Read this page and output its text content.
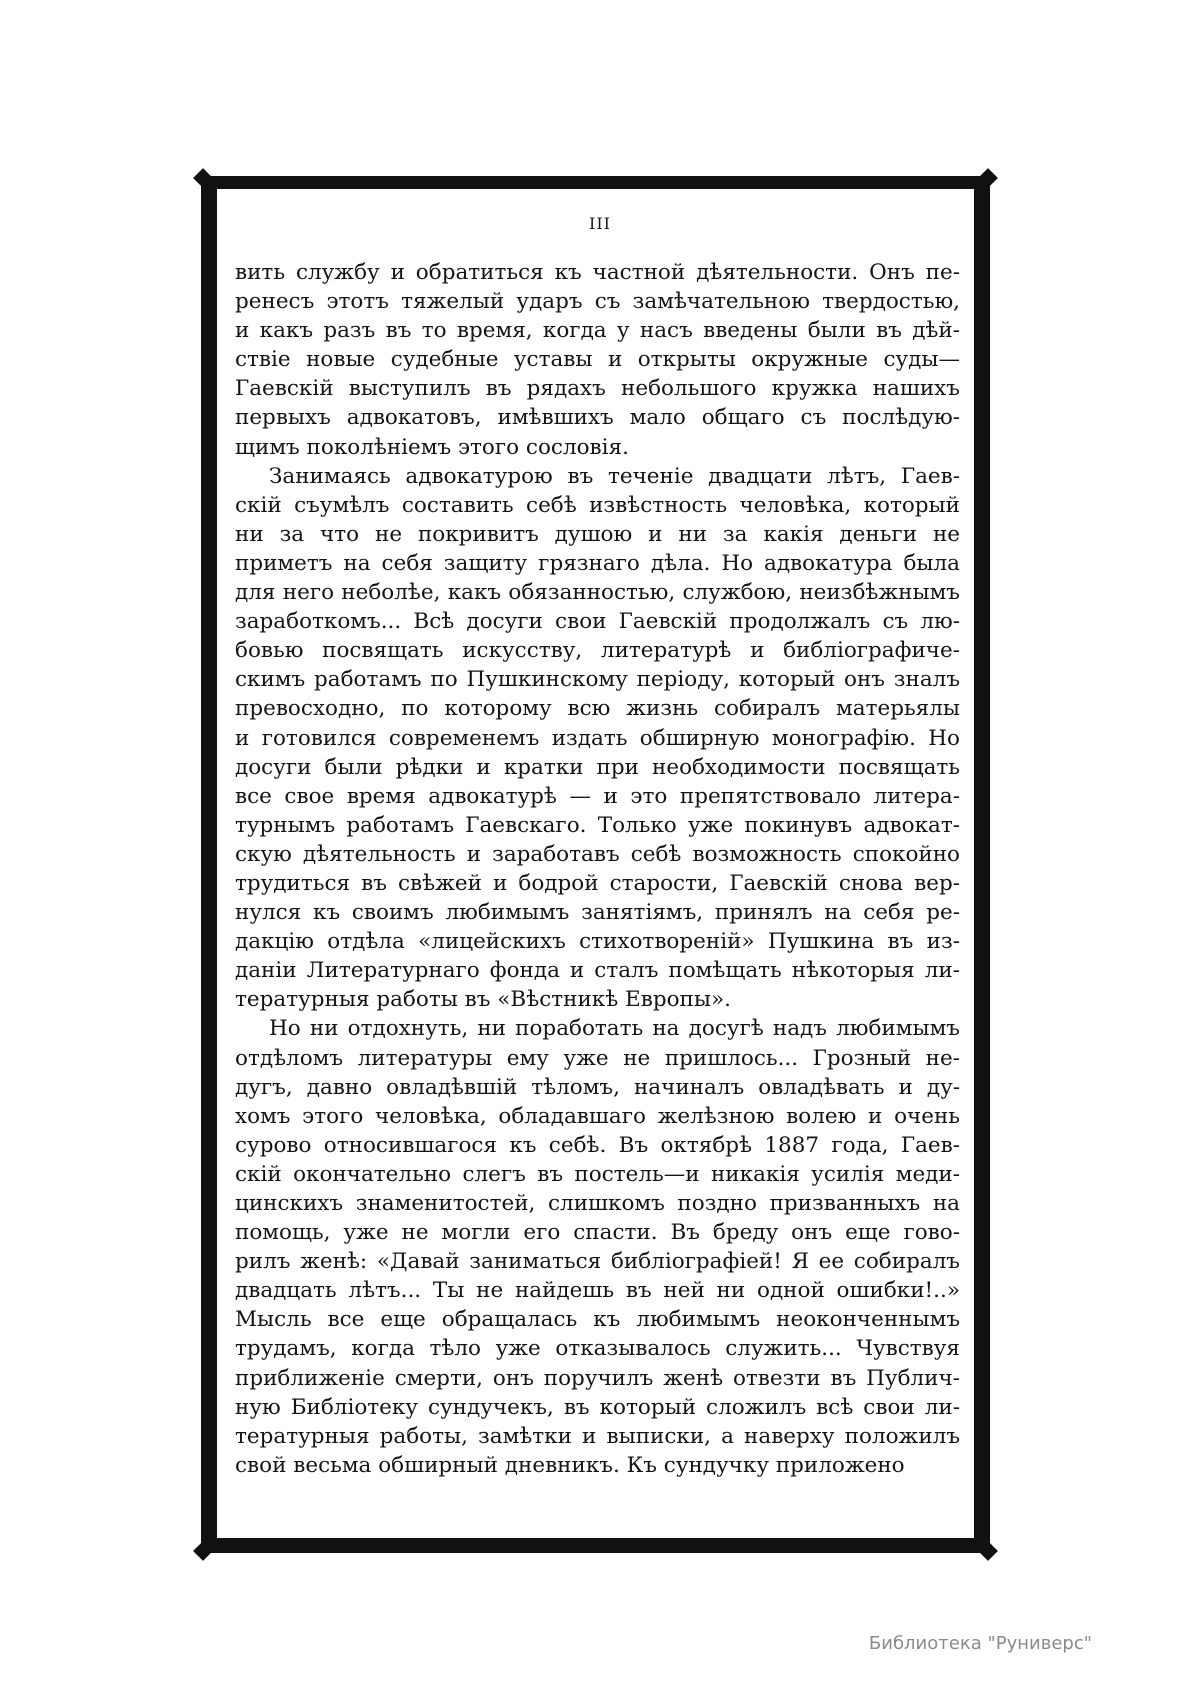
III
вить службу и обратиться къ частной дѣятельности. Онъ пе-
ренесъ этотъ тяжелый ударъ съ замѣчательною твердостью,
и какъ разъ въ то время, когда у насъ введены были въ дѣй-
ствіе новые судебные уставы и открыты окружные суды—
Гаевскій выступилъ въ рядахъ небольшого кружка нашихъ
первыхъ адвокатовъ, имѣвшихъ мало общаго съ послѣдую-
щимъ поколѣніемъ этого сословія.
Занимаясь адвокатурою въ теченіе двадцати лѣтъ, Гаев-
скій съумѣлъ составить себѣ извѣстность человѣка, который
ни за что не покривитъ душою и ни за какія деньги не
приметъ на себя защиту грязнаго дѣла. Но адвокатура была
для него неболѣе, какъ обязанностью, службою, неизбѣжнымъ
заработкомъ... Всѣ досуги свои Гаевскій продолжалъ съ лю-
бовью посвящать искусству, литературѣ и библіографиче-
скимъ работамъ по Пушкинскому періоду, который онъ зналъ
превосходно, по которому всю жизнь собиралъ матерьялы
и готовился современемъ издать обширную монографію. Но
досуги были рѣдки и кратки при необходимости посвящать
все свое время адвокатурѣ — и это препятствовало литера-
турнымъ работамъ Гаевскаго. Только уже покинувъ адвокат-
скую дѣятельность и заработавъ себѣ возможность спокойно
трудиться въ свѣжей и бодрой старости, Гаевскій снова вер-
нулся къ своимъ любимымъ занятіямъ, принялъ на себя ре-
дакцію отдѣла «лицейскихъ стихотвореній» Пушкина въ из-
даніи Литературнаго фонда и сталъ помѣщать нѣкоторыя ли-
тературныя работы въ «Вѣстникѣ Европы».
Но ни отдохнуть, ни поработать на досугѣ надъ любимымъ
отдѣломъ литературы ему уже не пришлось... Грозный не-
дугъ, давно овладѣвшій тѣломъ, начиналъ овладѣвать и ду-
хомъ этого человѣка, обладавшаго желѣзною волею и очень
сурово относившагося къ себѣ. Въ октябрѣ 1887 года, Гаев-
скій окончательно слегъ въ постель—и никакія усилія меди-
цинскихъ знаменитостей, слишкомъ поздно призванныхъ на
помощь, уже не могли его спасти. Въ бреду онъ еще гово-
рилъ женѣ: «Давай заниматься библіографіей! Я ее собиралъ
двадцать лѣтъ... Ты не найдешь въ ней ни одной ошибки!..»
Мысль все еще обращалась къ любимымъ неоконченнымъ
трудамъ, когда тѣло уже отказывалось служить... Чувствуя
приближеніе смерти, онъ поручилъ женѣ отвезти въ Публич-
ную Библіотеку сундучекъ, въ который сложилъ всѣ свои ли-
тературныя работы, замѣтки и выписки, а наверху положилъ
свой весьма обширный дневникъ. Къ сундучку приложено
Библиотека "Руниверс"
